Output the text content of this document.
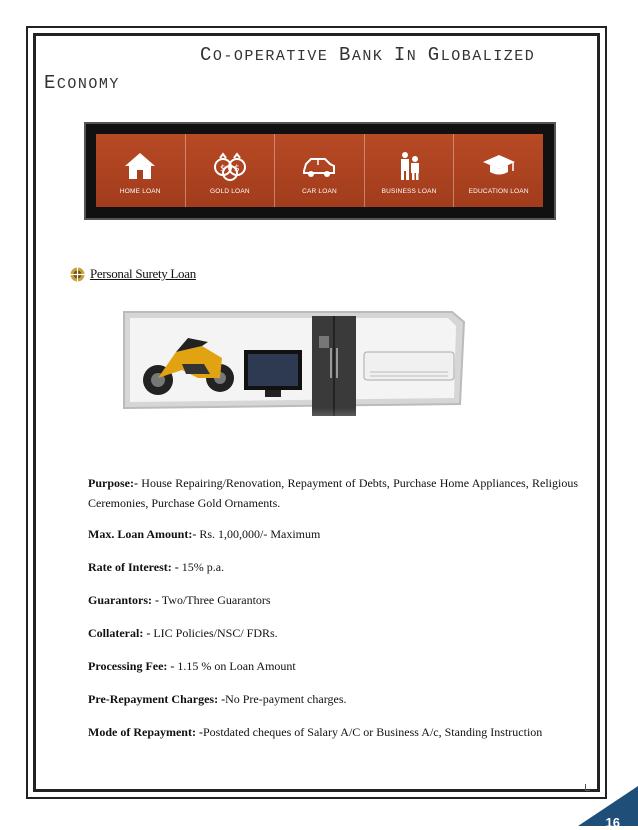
CO-OPERATIVE BANK IN GLOBALIZED
ECONOMY
HOME LOAN
$ $
GOLD LOAN	CAR LOAN	BUSINESS LOAN	EDUCATION LOAN
Personal Surety Loan

Purpose:- House Repairing/Renovation, Repayment of Debts, Purchase Home Appliances, Religious Ceremonies, Purchase Gold Ornaments.

Max. Loan Amount:- Rs. 1,00,000/- Maximum
Rate of Interest: - 15% p.a.
Guarantors: - Two/Three Guarantors
Collateral: - LIC Policies/NSC/ FDRs.
Processing Fee: - 1.15 % on Loan Amount
Pre-Repayment Charges: -No Pre-payment charges.
Mode of Repayment: -Postdated cheques of Salary A/C or Business A/c, Standing Instruction
16
